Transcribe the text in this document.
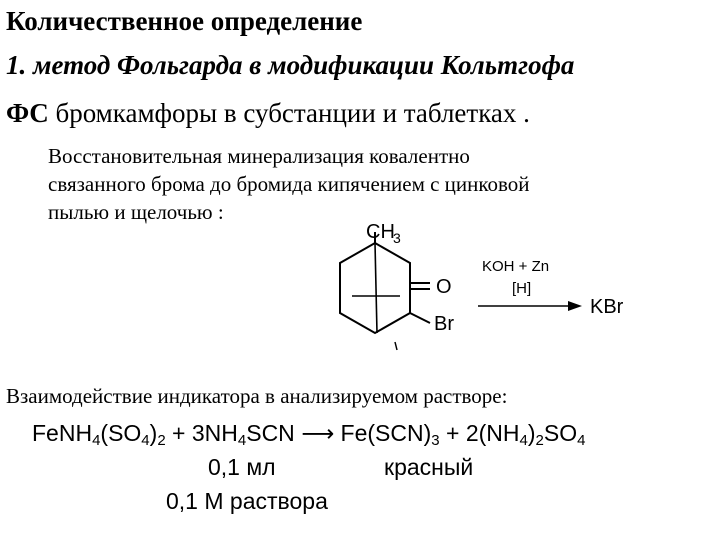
Количественное определение
1. метод Фольгарда в модификации Кольтгофа
ФС бромкамфоры в субстанции и таблетках .
Восстановительная минерализация ковалентно
связанного брома до бромида кипячением с цинковой
пылью и щелочью :
CH
3
O
Br
KOH + Zn
[H]
KBr
Взаимодействие индикатора в анализируемом растворе:
$FeNH_4(SO_4)_2 + 3NH_4SCN$ ⟶ $Fe(SCN)_3 + 2(NH_4)_2SO_4$
0,1 мл	красный
0,1 М раствора
